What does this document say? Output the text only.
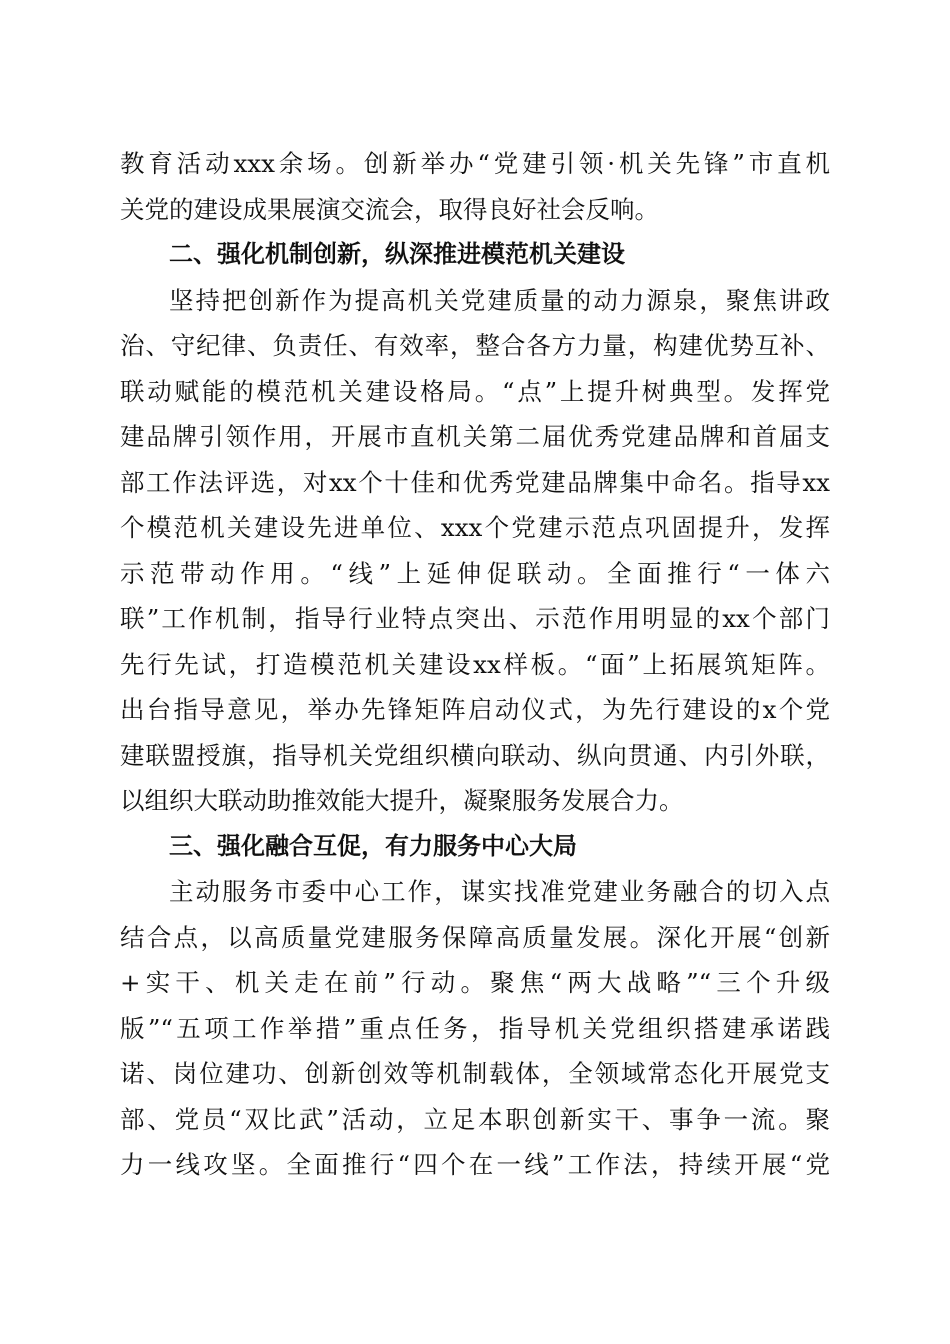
教育活动xxx余场。创新举办“党建引领·机关先锋”市直机
关党的建设成果展演交流会，取得良好社会反响。
二、强化机制创新，纵深推进模范机关建设
坚持把创新作为提高机关党建质量的动力源泉，聚焦讲政
治、守纪律、负责任、有效率，整合各方力量，构建优势互补、
联动赋能的模范机关建设格局。“点”上提升树典型。发挥党
建品牌引领作用，开展市直机关第二届优秀党建品牌和首届支
部工作法评选，对xx个十佳和优秀党建品牌集中命名。指导xx
个模范机关建设先进单位、xxx个党建示范点巩固提升，发挥
示范带动作用。“线”上延伸促联动。全面推行“一体六
联”工作机制，指导行业特点突出、示范作用明显的xx个部门
先行先试，打造模范机关建设xx样板。“面”上拓展筑矩阵。
出台指导意见，举办先锋矩阵启动仪式，为先行建设的x个党
建联盟授旗，指导机关党组织横向联动、纵向贯通、内引外联，
以组织大联动助推效能大提升，凝聚服务发展合力。
三、强化融合互促，有力服务中心大局
主动服务市委中心工作，谋实找准党建业务融合的切入点
结合点，以高质量党建服务保障高质量发展。深化开展“创新
+实干、机关走在前”行动。聚焦“两大战略”“三个升级
版”“五项工作举措”重点任务，指导机关党组织搭建承诺践
诺、岗位建功、创新创效等机制载体，全领域常态化开展党支
部、党员“双比武”活动，立足本职创新实干、事争一流。聚
力一线攻坚。全面推行“四个在一线”工作法，持续开展“党
